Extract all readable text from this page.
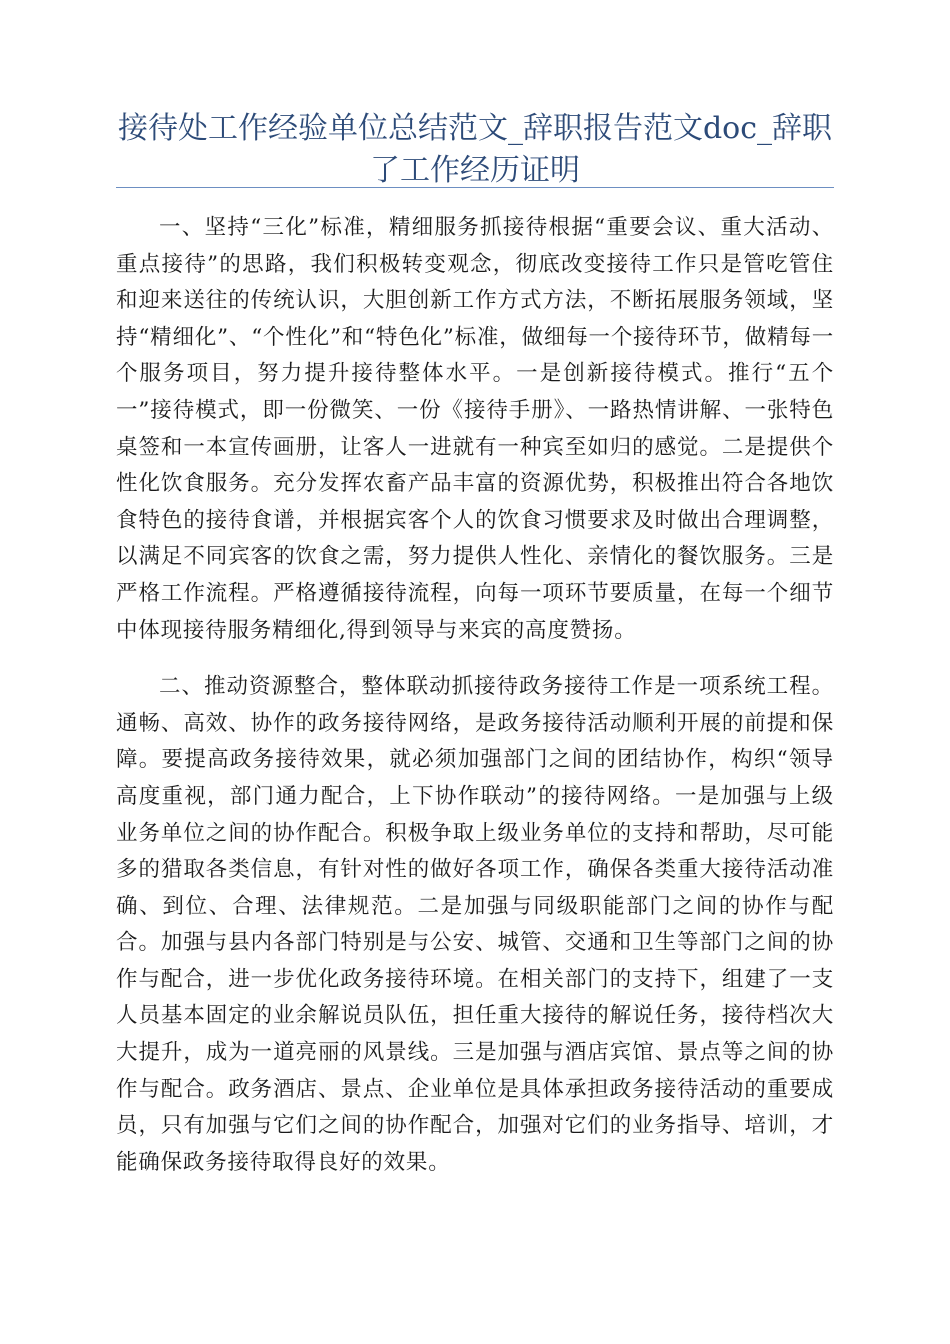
接待处工作经验单位总结范文_辞职报告范文doc_辞职了工作经历证明

一、坚持“三化”标准，精细服务抓接待根据“重要会议、重大活动、重点接待”的思路，我们积极转变观念，彻底改变接待工作只是管吃管住和迎来送往的传统认识，大胆创新工作方式方法，不断拓展服务领域，坚持“精细化”、“个性化”和“特色化”标准，做细每一个接待环节，做精每一个服务项目，努力提升接待整体水平。一是创新接待模式。推行“五个一”接待模式，即一份微笑、一份《接待手册》、一路热情讲解、一张特色桌签和一本宣传画册，让客人一进就有一种宾至如归的感觉。二是提供个性化饮食服务。充分发挥农畜产品丰富的资源优势，积极推出符合各地饮食特色的接待食谱，并根据宾客个人的饮食习惯要求及时做出合理调整，以满足不同宾客的饮食之需，努力提供人性化、亲情化的餐饮服务。三是严格工作流程。严格遵循接待流程，向每一项环节要质量，在每一个细节中体现接待服务精细化,得到领导与来宾的高度赞扬。

二、推动资源整合，整体联动抓接待政务接待工作是一项系统工程。通畅、高效、协作的政务接待网络，是政务接待活动顺利开展的前提和保障。要提高政务接待效果，就必须加强部门之间的团结协作，构织“领导高度重视，部门通力配合，上下协作联动”的接待网络。一是加强与上级业务单位之间的协作配合。积极争取上级业务单位的支持和帮助，尽可能多的猎取各类信息，有针对性的做好各项工作，确保各类重大接待活动准确、到位、合理、法律规范。二是加强与同级职能部门之间的协作与配合。加强与县内各部门特别是与公安、城管、交通和卫生等部门之间的协作与配合，进一步优化政务接待环境。在相关部门的支持下，组建了一支人员基本固定的业余解说员队伍，担任重大接待的解说任务，接待档次大大提升，成为一道亮丽的风景线。三是加强与酒店宾馆、景点等之间的协作与配合。政务酒店、景点、企业单位是具体承担政务接待活动的重要成员，只有加强与它们之间的协作配合，加强对它们的业务指导、培训，才能确保政务接待取得良好的效果。
